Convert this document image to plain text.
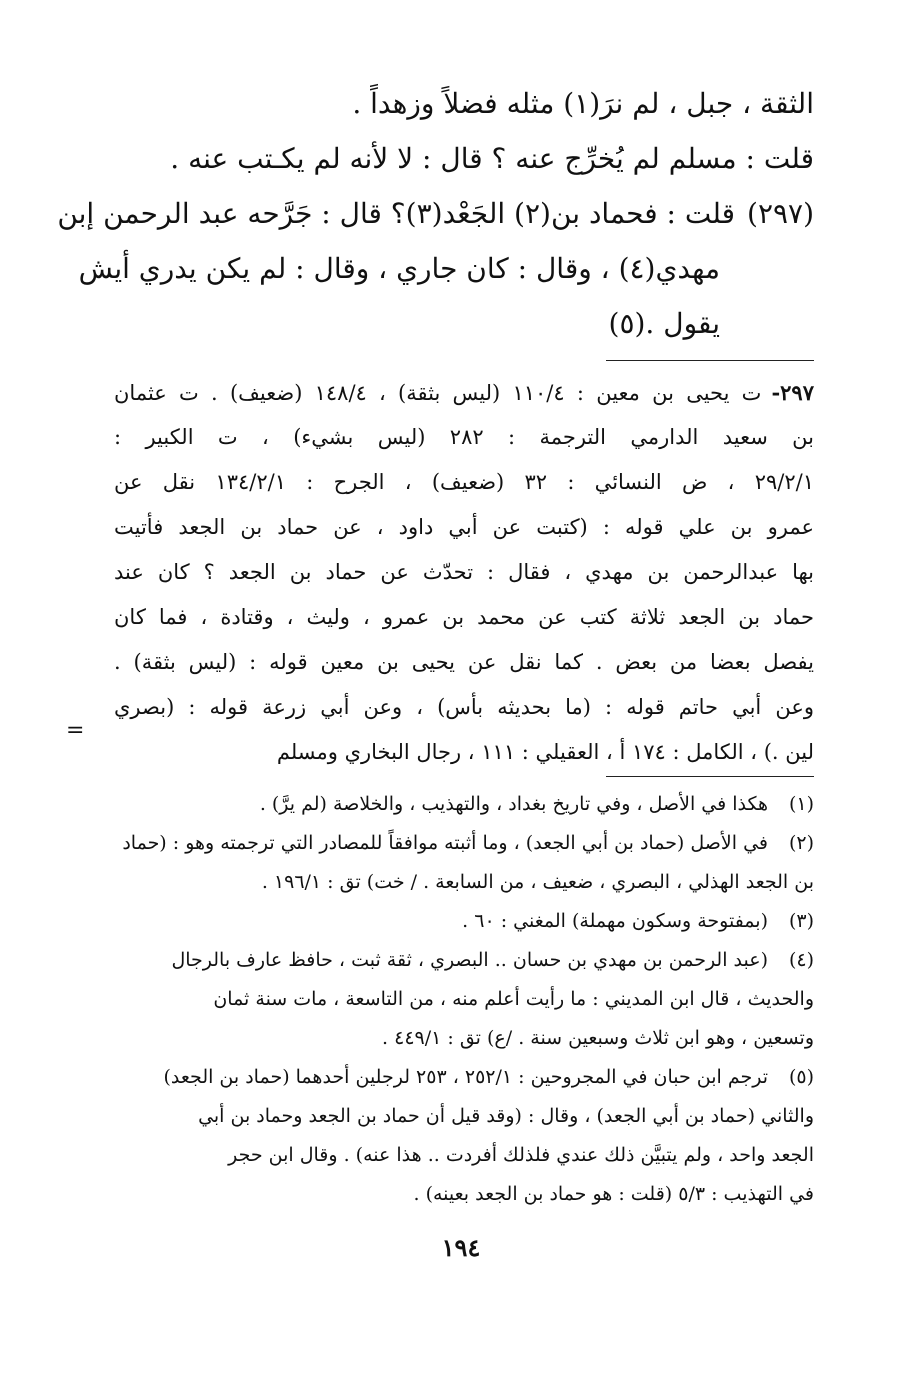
الثقة ، جبل ، لم نرَ(١) مثله فضلاً وزهداً .
قلت : مسلم لم يُخرِّج عنه ؟ قال : لا لأنه لم يكـتب عنه .
(٢٩٧)قلت : فحماد بن(٢) الجَعْد(٣)؟ قال : جَرَّحه عبد الرحمن إبن
مهدي(٤) ، وقال : كان جاري ، وقال : لم يكن يدري أيش
يقول .(٥)
٢٩٧-ت يحيى بن معين : ١١٠/٤ (ليس بثقة) ، ١٤٨/٤ (ضعيف) . ت عثمان
بن سعيد الدارمي الترجمة : ٢٨٢ (ليس بشيء) ، ت الكبير :
٢٩/٢/١ ، ض النسائي : ٣٢ (ضعيف) ، الجرح : ١٣٤/٢/١ نقل عن
عمرو بن علي قوله : (كتبت عن أبي داود ، عن حماد بن الجعد فأتيت
بها عبدالرحمن بن مهدي ، فقال : تحدّث عن حماد بن الجعد ؟ كان عند
حماد بن الجعد ثلاثة كتب عن محمد بن عمرو ، وليث ، وقتادة ، فما كان
يفصل بعضا من بعض . كما نقل عن يحيى بن معين قوله : (ليس بثقة) .
وعن أبي حاتم قوله : (ما بحديثه بأس) ، وعن أبي زرعة قوله : (بصري
لين .) ، الكامل : ١٧٤ أ ، العقيلي : ١١١ ، رجال البخاري ومسلم
=
(١)هكذا في الأصل ، وفي تاريخ بغداد ، والتهذيب ، والخلاصة (لم يرَّ) .
(٢)في الأصل (حماد بن أبي الجعد) ، وما أثبته موافقاً للمصادر التي ترجمته وهو : (حماد
بن الجعد الهذلي ، البصري ، ضعيف ، من السابعة . / خت) تق : ١٩٦/١ .
(٣)(بمفتوحة وسكون مهملة) المغني : ٦٠ .
(٤)(عبد الرحمن بن مهدي بن حسان .. البصري ، ثقة ثبت ، حافظ عارف بالرجال
والحديث ، قال ابن المديني : ما رأيت أعلم منه ، من التاسعة ، مات سنة ثمان
وتسعين ، وهو ابن ثلاث وسبعين سنة . /ع) تق : ٤٤٩/١ .
(٥)ترجم ابن حبان في المجروحين : ٢٥٢/١ ، ٢٥٣ لرجلين أحدهما (حماد بن الجعد)
والثاني (حماد بن أبي الجعد) ، وقال : (وقد قيل أن حماد بن الجعد وحماد بن أبي
الجعد واحد ، ولم يتبيَّن ذلك عندي فلذلك أفردت .. هذا عنه) . وقال ابن حجر
في التهذيب : ٥/٣ (قلت : هو حماد بن الجعد بعينه) .
١٩٤
